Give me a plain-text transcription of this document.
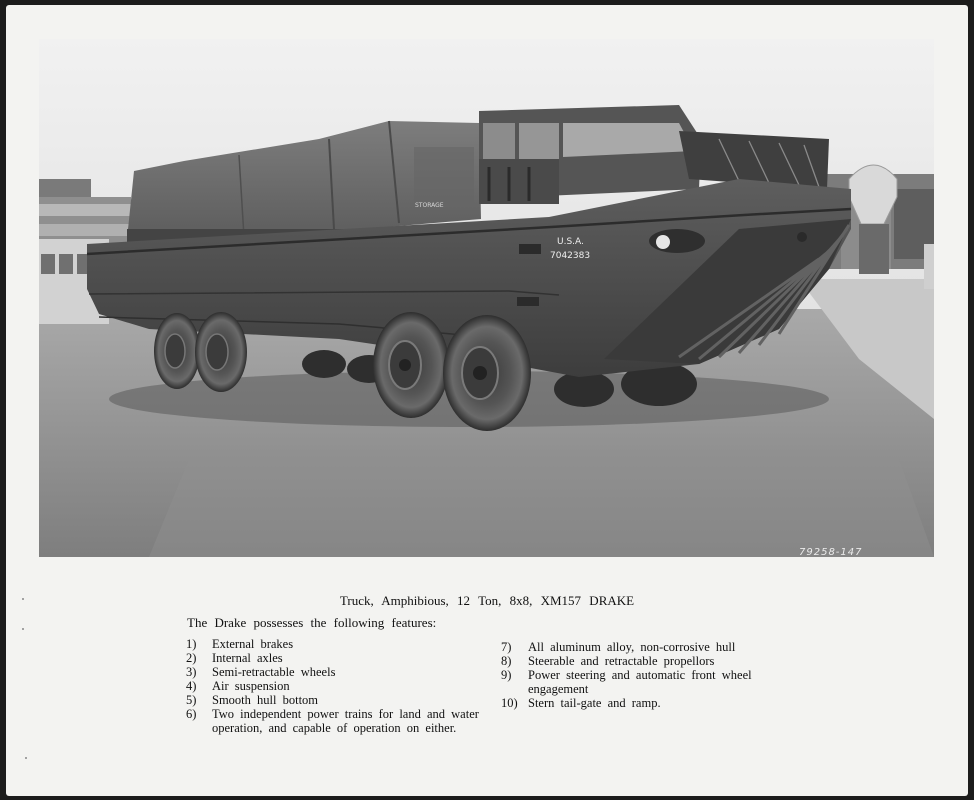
STORAGE
U.S.A.
7042383
79258-147
Truck, Amphibious, 12 Ton, 8x8, XM157 DRAKE
The Drake possesses the following features:
1)	External brakes
2)	Internal axles
3)	Semi-retractable wheels
4)	Air suspension
5)	Smooth hull bottom
6)	Two independent power trains for land and water operation, and capable of operation on either.
7)	All aluminum alloy, non-corrosive hull
8)	Steerable and retractable propellors
9)	Power steering and automatic front wheel engagement
10) Stern tail-gate and ramp.
